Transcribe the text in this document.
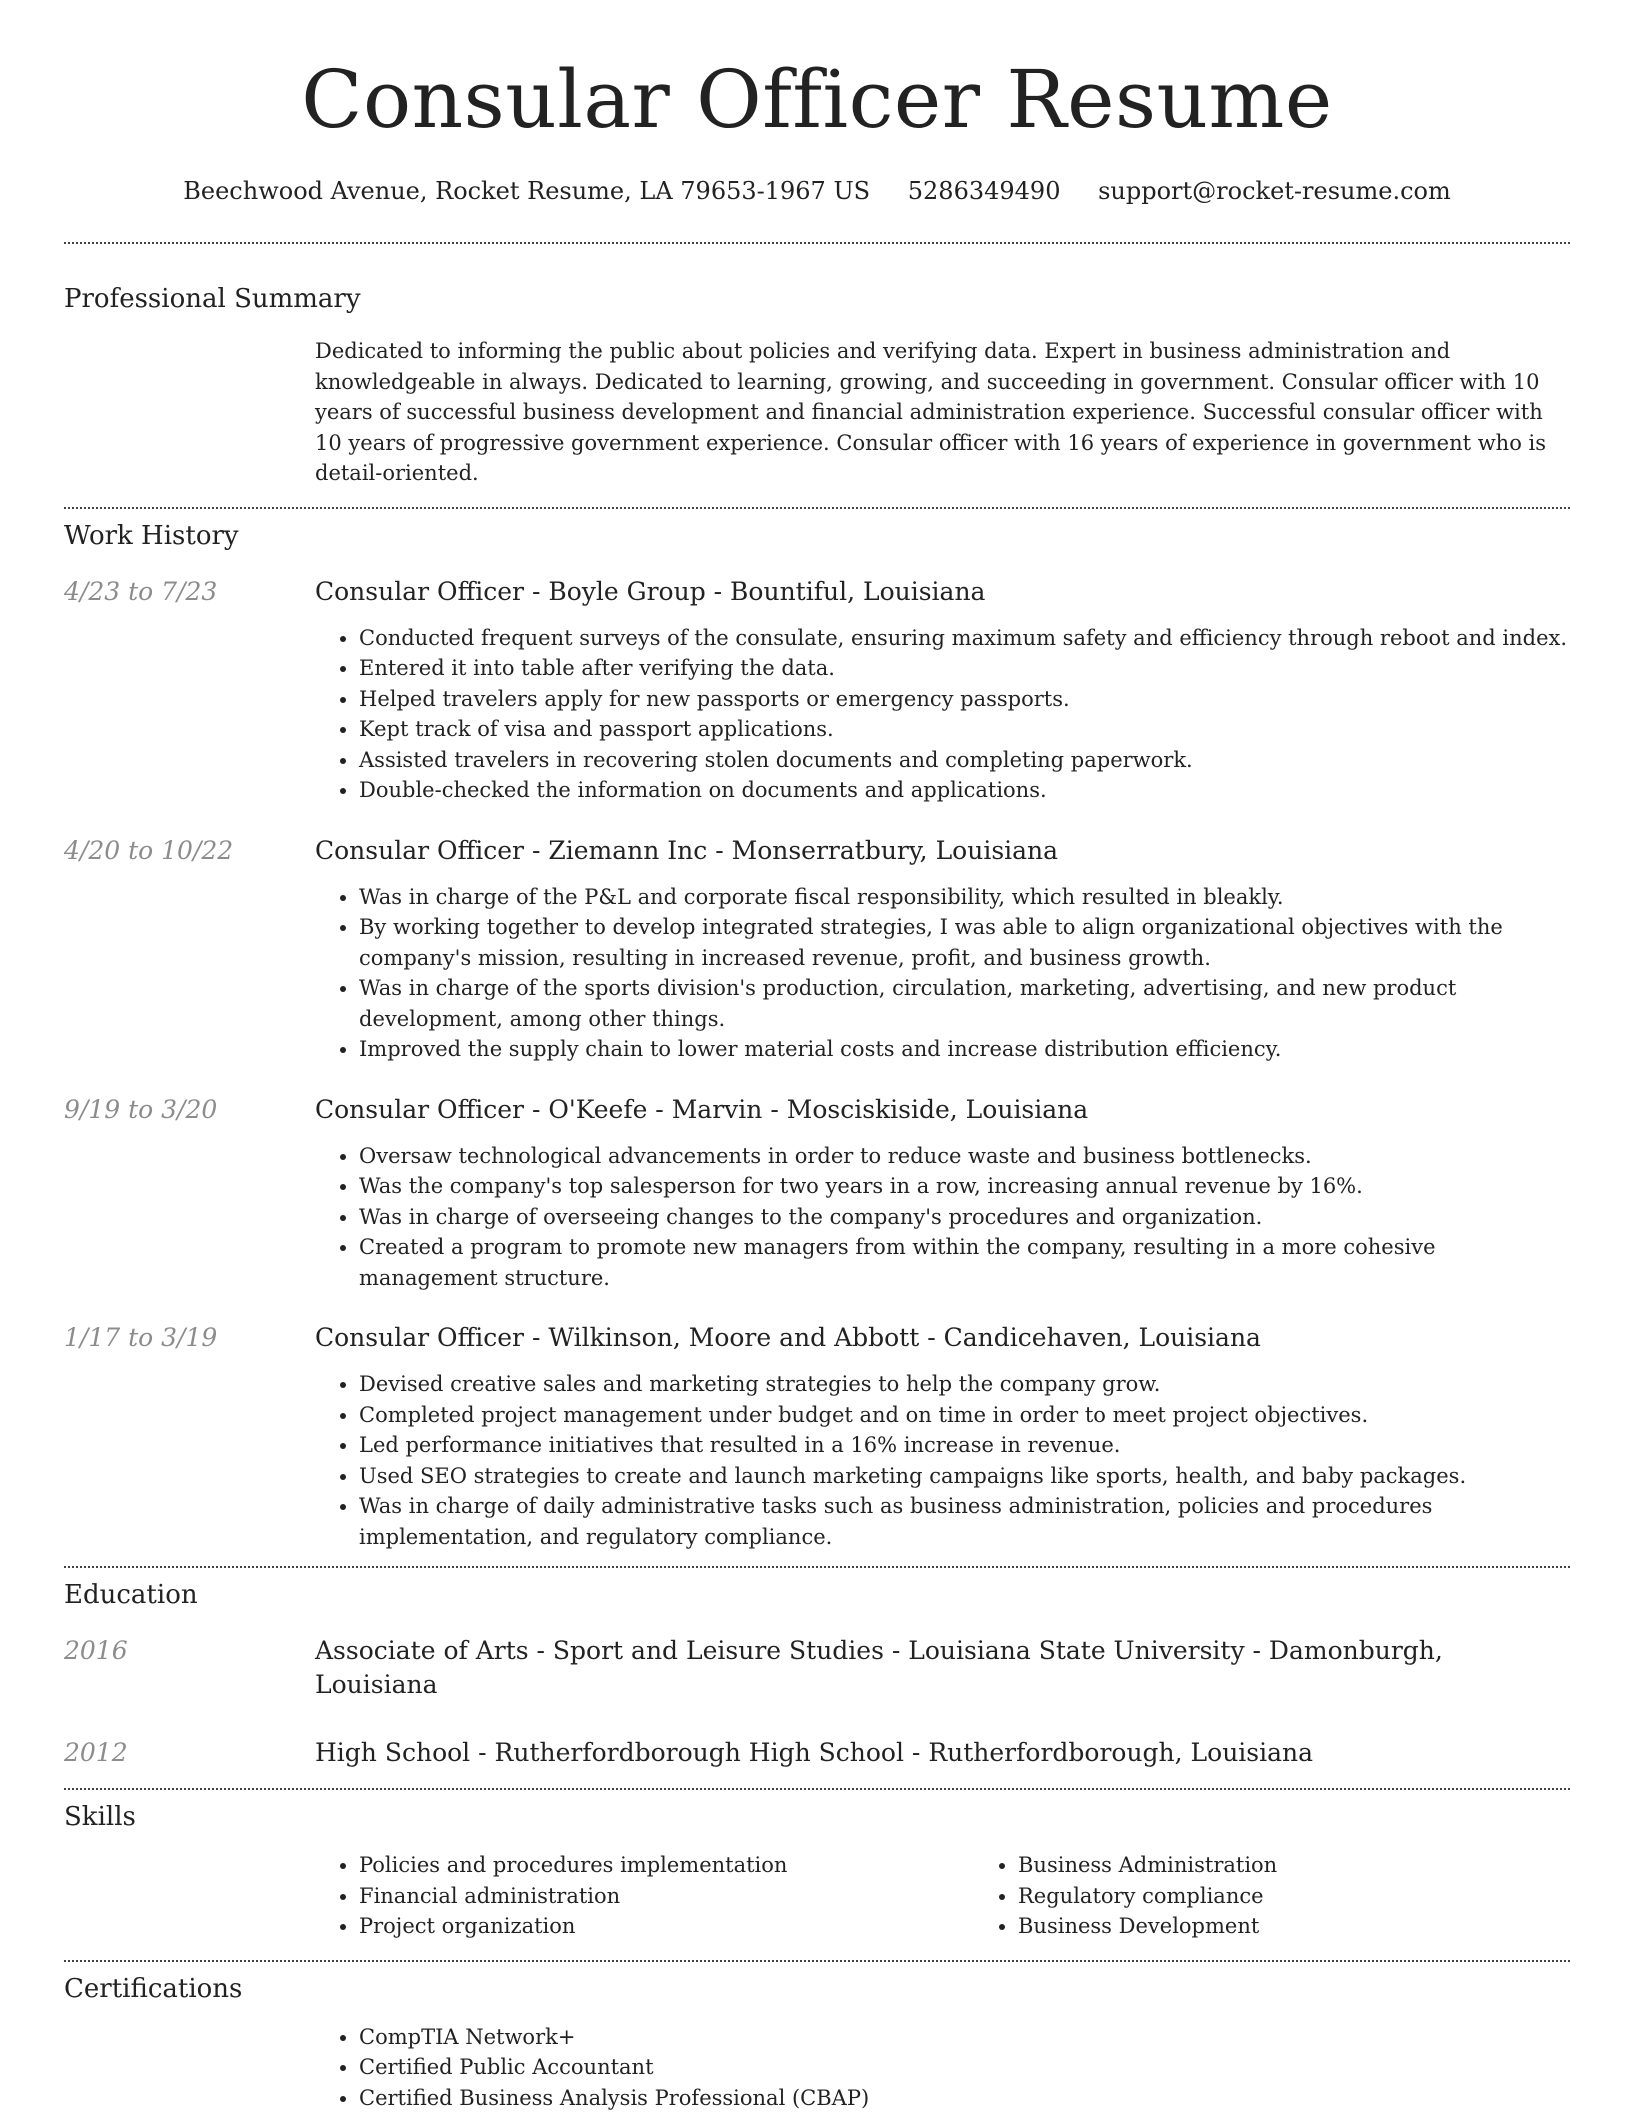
Consular Officer Resume
Beechwood Avenue, Rocket Resume, LA 79653-1967 US 5286349490 support@rocket-resume.com
Professional Summary
Dedicated to informing the public about policies and verifying data. Expert in business administration and knowledgeable in always. Dedicated to learning, growing, and succeeding in government. Consular officer with 10 years of successful business development and financial administration experience. Successful consular officer with 10 years of progressive government experience. Consular officer with 16 years of experience in government who is detail-oriented.
Work History
4/23 to 7/23	Consular Officer - Boyle Group - Bountiful, Louisiana
• Conducted frequent surveys of the consulate, ensuring maximum safety and efficiency through reboot and index.
• Entered it into table after verifying the data.
• Helped travelers apply for new passports or emergency passports.
• Kept track of visa and passport applications.
• Assisted travelers in recovering stolen documents and completing paperwork.
• Double-checked the information on documents and applications.
4/20 to 10/22	Consular Officer - Ziemann Inc - Monserratbury, Louisiana
• Was in charge of the P&L and corporate fiscal responsibility, which resulted in bleakly.
• By working together to develop integrated strategies, I was able to align organizational objectives with the company's mission, resulting in increased revenue, profit, and business growth.
• Was in charge of the sports division's production, circulation, marketing, advertising, and new product development, among other things.
• Improved the supply chain to lower material costs and increase distribution efficiency.
9/19 to 3/20	Consular Officer - O'Keefe - Marvin - Mosciskiside, Louisiana
• Oversaw technological advancements in order to reduce waste and business bottlenecks.
• Was the company's top salesperson for two years in a row, increasing annual revenue by 16%.
• Was in charge of overseeing changes to the company's procedures and organization.
• Created a program to promote new managers from within the company, resulting in a more cohesive management structure.
1/17 to 3/19	Consular Officer - Wilkinson, Moore and Abbott - Candicehaven, Louisiana
• Devised creative sales and marketing strategies to help the company grow.
• Completed project management under budget and on time in order to meet project objectives.
• Led performance initiatives that resulted in a 16% increase in revenue.
• Used SEO strategies to create and launch marketing campaigns like sports, health, and baby packages.
• Was in charge of daily administrative tasks such as business administration, policies and procedures implementation, and regulatory compliance.
Education
2016	Associate of Arts - Sport and Leisure Studies - Louisiana State University - Damonburgh, Louisiana
2012	High School - Rutherfordborough High School - Rutherfordborough, Louisiana
Skills
• Policies and procedures implementation
• Financial administration
• Project organization
• Business Administration
• Regulatory compliance
• Business Development
Certifications
• CompTIA Network+
• Certified Public Accountant
• Certified Business Analysis Professional (CBAP)
